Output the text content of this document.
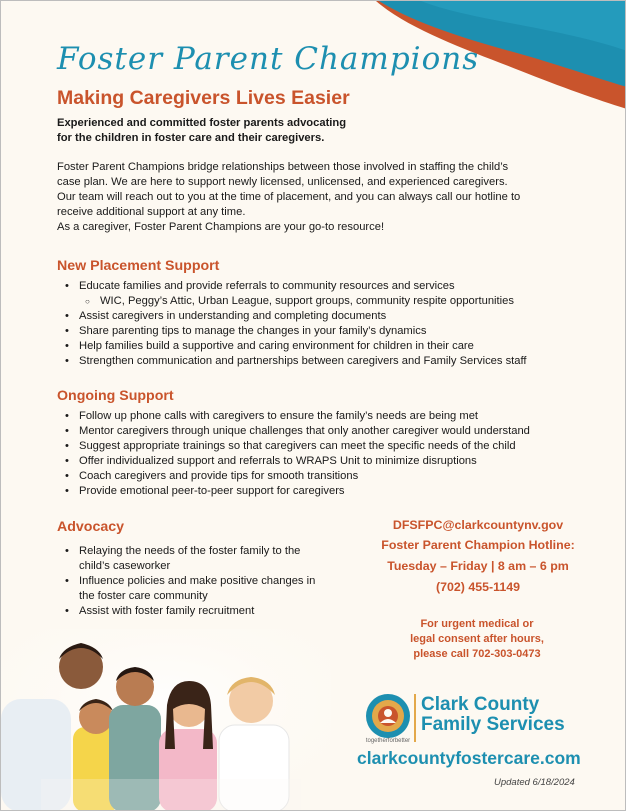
Foster Parent Champions
Making Caregivers Lives Easier
Experienced and committed foster parents advocating
for the children in foster care and their caregivers.

Foster Parent Champions bridge relationships between those involved in staffing the child’s case plan. We are here to support newly licensed, unlicensed, and experienced caregivers. Our team will reach out to you at the time of placement, and you can always call our hotline to receive additional support at any time.

As a caregiver, Foster Parent Champions are your go-to resource!

New Placement Support
• Educate families and provide referrals to community resources and services
○ WIC, Peggy’s Attic, Urban League, support groups, community respite opportunities
• Assist caregivers in understanding and completing documents
• Share parenting tips to manage the changes in your family’s dynamics
• Help families build a supportive and caring environment for children in their care
• Strengthen communication and partnerships between caregivers and Family Services staff
Ongoing Support
• Follow up phone calls with caregivers to ensure the family’s needs are being met
• Mentor caregivers through unique challenges that only another caregiver would understand
• Suggest appropriate trainings so that caregivers can meet the specific needs of the child
• Offer individualized support and referrals to WRAPS Unit to minimize disruptions
• Coach caregivers and provide tips for smooth transitions
• Provide emotional peer-to-peer support for caregivers
Advocacy
• Relaying the needs of the foster family to the child’s caseworker
• Influence policies and make positive changes in the foster care community
• Assist with foster family recruitment
DFSFPC@clarkcountynv.gov
Foster Parent Champion Hotline:
Tuesday – Friday | 8 am – 6 pm
(702) 455-1149
For urgent medical or
legal consent after hours,
please call 702-303-0473
togetherforbetter
Clark County
Family Services
clarkcountyfostercare.com
Updated 6/18/2024
